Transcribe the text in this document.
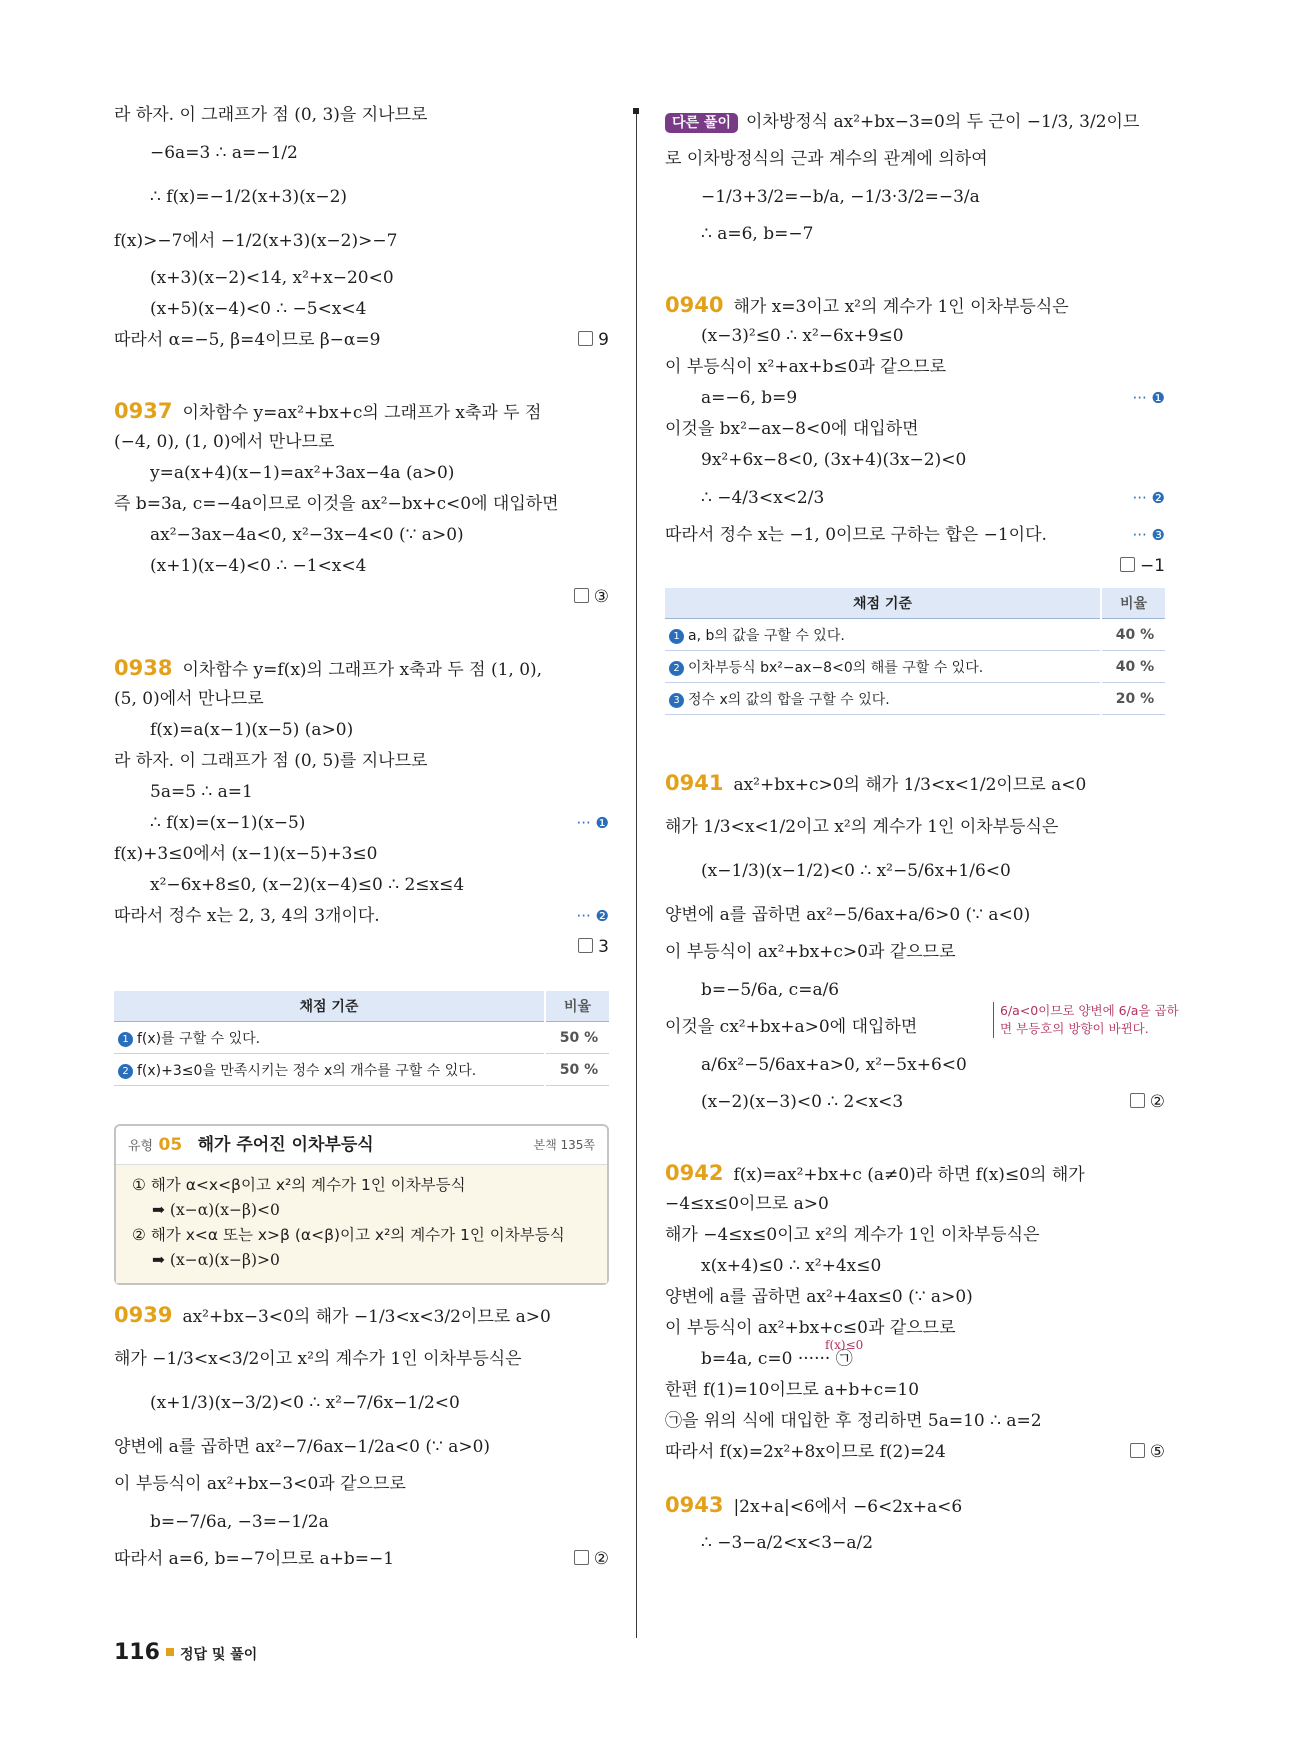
라 하자. 이 그래프가 점 (0, 3)을 지나므로
−6a=3 ∴ a=−1/2
∴ f(x)=−1/2(x+3)(x−2)
f(x)>−7에서 −1/2(x+3)(x−2)>−7
(x+3)(x−2)<14, x²+x−20<0
(x+5)(x−4)<0 ∴ −5<x<4
따라서 α=−5, β=4이므로 β−α=9	9
0937 이차함수 y=ax²+bx+c의 그래프가 x축과 두 점
(−4, 0), (1, 0)에서 만나므로
y=a(x+4)(x−1)=ax²+3ax−4a (a>0)
즉 b=3a, c=−4a이므로 이것을 ax²−bx+c<0에 대입하면
ax²−3ax−4a<0, x²−3x−4<0 (∵ a>0)
(x+1)(x−4)<0 ∴ −1<x<4
③
0938 이차함수 y=f(x)의 그래프가 x축과 두 점 (1, 0),
(5, 0)에서 만나므로
f(x)=a(x−1)(x−5) (a>0)
라 하자. 이 그래프가 점 (0, 5)를 지나므로
5a=5 ∴ a=1
∴ f(x)=(x−1)(x−5)	··· ❶
f(x)+3≤0에서 (x−1)(x−5)+3≤0
x²−6x+8≤0, (x−2)(x−4)≤0 ∴ 2≤x≤4
따라서 정수 x는 2, 3, 4의 3개이다.	··· ❷
3
채점 기준	비율
1 f(x)를 구할 수 있다.	50 %
2 f(x)+3≤0을 만족시키는 정수 x의 개수를 구할 수 있다.	50 %
유형 05 해가 주어진 이차부등식	본책 135쪽
① 해가 α<x<β이고 x²의 계수가 1인 이차부등식
➡ (x−α)(x−β)<0
② 해가 x<α 또는 x>β (α<β)이고 x²의 계수가 1인 이차부등식
➡ (x−α)(x−β)>0
0939 ax²+bx−3<0의 해가 −1/3<x<3/2이므로 a>0
해가 −1/3<x<3/2이고 x²의 계수가 1인 이차부등식은
(x+1/3)(x−3/2)<0 ∴ x²−7/6x−1/2<0
양변에 a를 곱하면 ax²−7/6ax−1/2a<0 (∵ a>0)
이 부등식이 ax²+bx−3<0과 같으므로
b=−7/6a, −3=−1/2a
따라서 a=6, b=−7이므로 a+b=−1	②
다른 풀이 이차방정식 ax²+bx−3=0의 두 근이 −1/3, 3/2이므
로 이차방정식의 근과 계수의 관계에 의하여
−1/3+3/2=−b/a, −1/3·3/2=−3/a
∴ a=6, b=−7
0940 해가 x=3이고 x²의 계수가 1인 이차부등식은
(x−3)²≤0 ∴ x²−6x+9≤0
이 부등식이 x²+ax+b≤0과 같으므로
a=−6, b=9	··· ❶
이것을 bx²−ax−8<0에 대입하면
9x²+6x−8<0, (3x+4)(3x−2)<0
∴ −4/3<x<2/3	··· ❷
따라서 정수 x는 −1, 0이므로 구하는 합은 −1이다.	··· ❸
−1
채점 기준	비율
1 a, b의 값을 구할 수 있다.	40 %
2 이차부등식 bx²−ax−8<0의 해를 구할 수 있다.	40 %
3 정수 x의 값의 합을 구할 수 있다.	20 %
0941 ax²+bx+c>0의 해가 1/3<x<1/2이므로 a<0
해가 1/3<x<1/2이고 x²의 계수가 1인 이차부등식은
(x−1/3)(x−1/2)<0 ∴ x²−5/6x+1/6<0
양변에 a를 곱하면 ax²−5/6ax+a/6>0 (∵ a<0)
이 부등식이 ax²+bx+c>0과 같으므로
b=−5/6a, c=a/6
이것을 cx²+bx+a>0에 대입하면
6/a<0이므로 양변에 6/a을 곱하면 부등호의 방향이 바뀐다.
a/6x²−5/6ax+a>0, x²−5x+6<0
(x−2)(x−3)<0 ∴ 2<x<3	②
0942 f(x)=ax²+bx+c (a≠0)라 하면 f(x)≤0의 해가
−4≤x≤0이므로 a>0
해가 −4≤x≤0이고 x²의 계수가 1인 이차부등식은
x(x+4)≤0 ∴ x²+4x≤0
양변에 a를 곱하면 ax²+4ax≤0 (∵ a>0)
이 부등식이 ax²+bx+c≤0과 같으므로
f(x)≤0
b=4a, c=0 ······ ㉠
한편 f(1)=10이므로 a+b+c=10
㉠을 위의 식에 대입한 후 정리하면 5a=10 ∴ a=2
따라서 f(x)=2x²+8x이므로 f(2)=24	⑤
0943 |2x+a|<6에서 −6<2x+a<6
∴ −3−a/2<x<3−a/2
116 정답 및 풀이
